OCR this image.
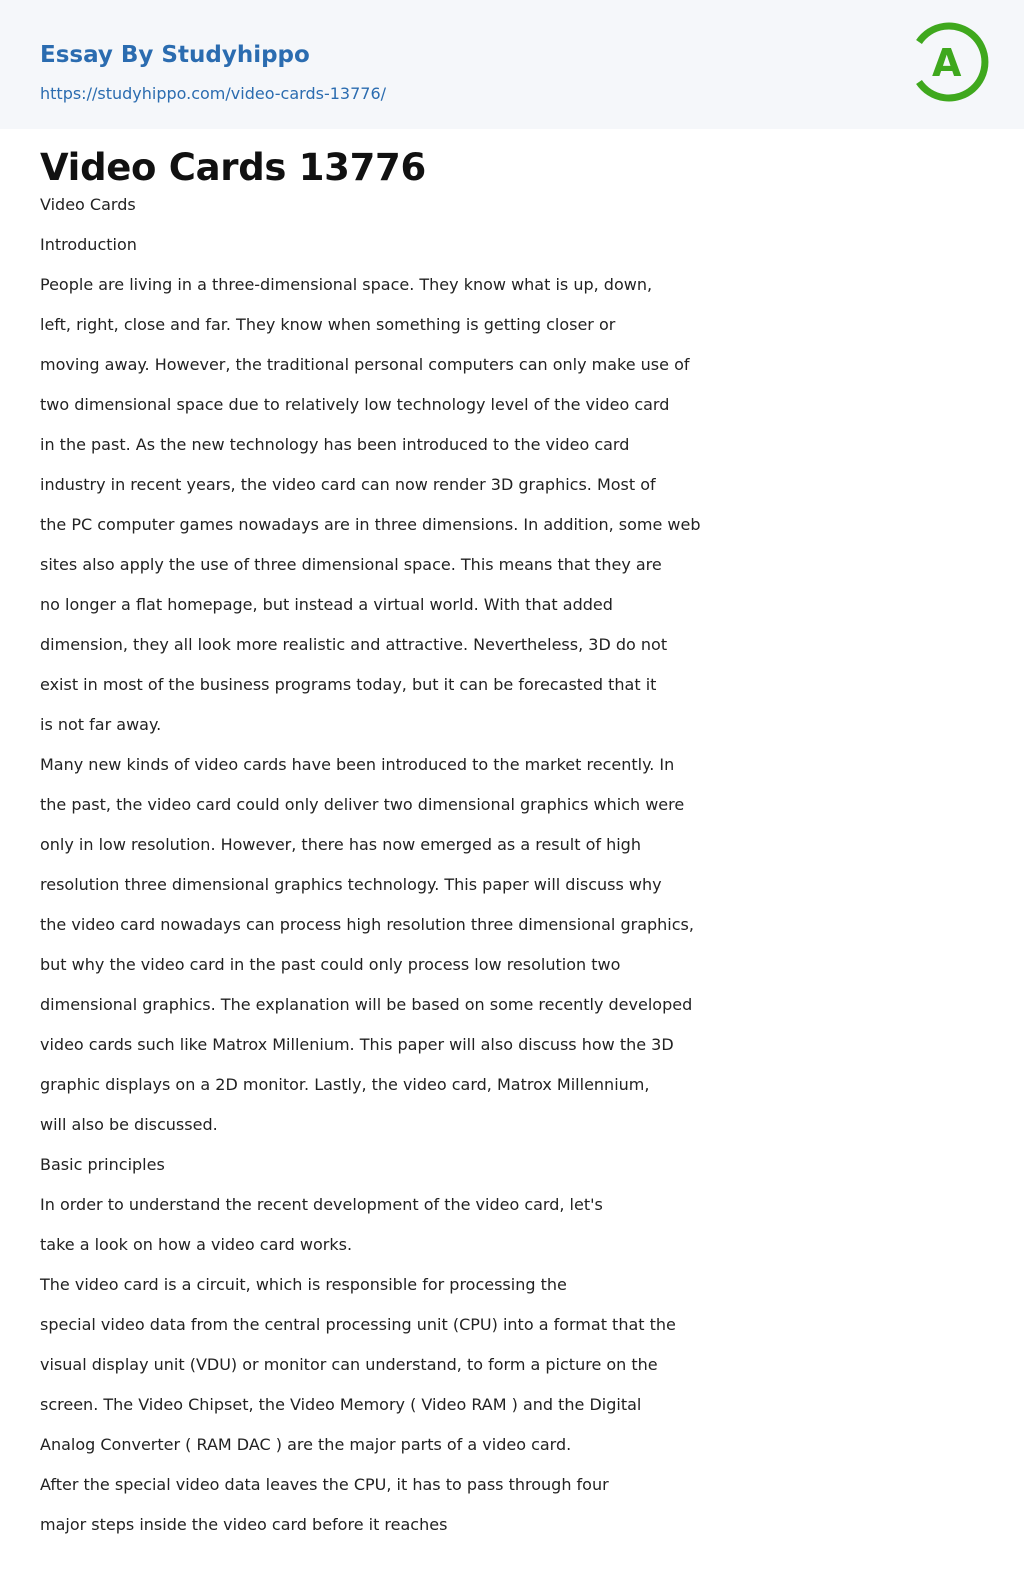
Essay By Studyhippo
https://studyhippo.com/video-cards-13776/
A
Video Cards 13776

Video Cards

Introduction

People are living in a three-dimensional space. They know what is up, down,

left, right, close and far. They know when something is getting closer or

moving away. However, the traditional personal computers can only make use of

two dimensional space due to relatively low technology level of the video card

in the past. As the new technology has been introduced to the video card

industry in recent years, the video card can now render 3D graphics. Most of

the PC computer games nowadays are in three dimensions. In addition, some web

sites also apply the use of three dimensional space. This means that they are

no longer a flat homepage, but instead a virtual world. With that added

dimension, they all look more realistic and attractive. Nevertheless, 3D do not

exist in most of the business programs today, but it can be forecasted that it

is not far away.

Many new kinds of video cards have been introduced to the market recently. In

the past, the video card could only deliver two dimensional graphics which were

only in low resolution. However, there has now emerged as a result of high

resolution three dimensional graphics technology. This paper will discuss why

the video card nowadays can process high resolution three dimensional graphics,

but why the video card in the past could only process low resolution two

dimensional graphics. The explanation will be based on some recently developed

video cards such like Matrox Millenium. This paper will also discuss how the 3D

graphic displays on a 2D monitor. Lastly, the video card, Matrox Millennium,

will also be discussed.

Basic principles

In order to understand the recent development of the video card, let's

take a look on how a video card works.

The video card is a circuit, which is responsible for processing the

special video data from the central processing unit (CPU) into a format that the

visual display unit (VDU) or monitor can understand, to form a picture on the

screen. The Video Chipset, the Video Memory ( Video RAM ) and the Digital

Analog Converter ( RAM DAC ) are the major parts of a video card.

After the special video data leaves the CPU, it has to pass through four

major steps inside the video card before it reaches
